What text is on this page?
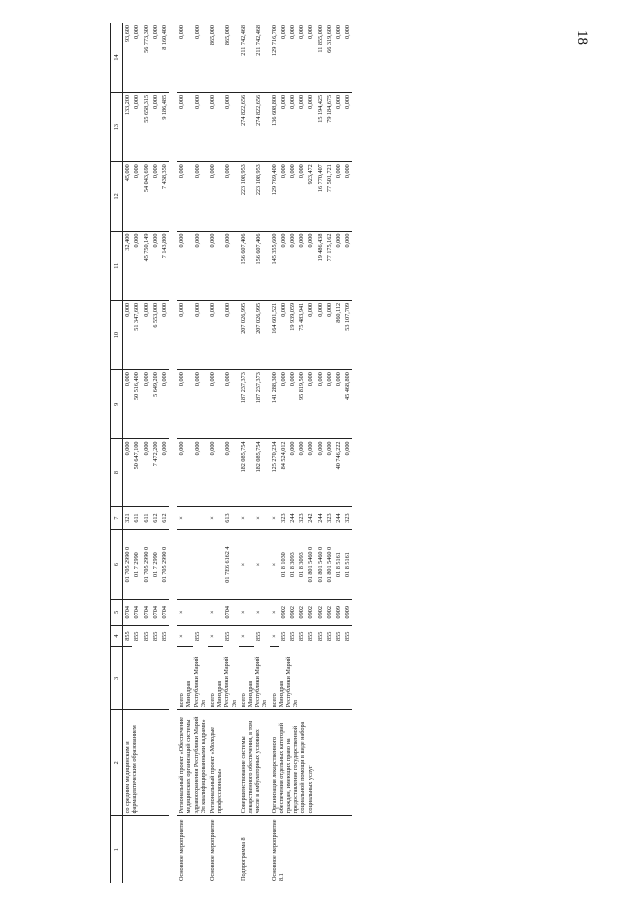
18
1	2	3	4	5	6	7	8	9	10	11	12	13	14

	со средним медицинским и фармацевтическим образованием		855	0704	01 705 2990 0	321	0,000	0,000	0,000	32,400	45,000	133,200	93,600
			855	0704	01 7 2990	611	50 647,100	50 516,400	51 347,600	0,000	0,000	0,000	0,000
			855	0704	01 705 2990 0	611	0,000	0,000	0,000	45 750,149	54 043,690	55 658,315	56 773,300
			855	0704	01 7 2990	612	7 472,200	5 649,200	6 553,000	0,000	0,000	0,000	0,000
			855	0704	01 705 2990 0	612	0,000	0,000	0,000	7 143,800	7 438,350	9 186,485	8 160,400

Основное мероприятие	Региональный проект «Обеспечение медицинских организаций системы здравоохранения Республики Марий Эл квалифицированными кадрами»	всего Минздрав Республики Марий Эл	×	×		×	0,000	0,000	0,000	0,000	0,000	0,000	0,000
			855				0,000	0,000	0,000	0,000	0,000	0,000	0,000

Основное мероприятие	Региональный проект «Молодые профессионалы»	всего Минздрав Республики Марий Эл	×	×		×	0,000	0,000	0,000	0,000	0,000	0,000	865,000
			855	0704	01 7Е6 6162 4	613	0,000	0,000	0,000	0,000	0,000	0,000	865,000

Подпрограмма 8	Совершенствование системы лекарственного обеспечения, в том числе в амбулаторных условиях	всего Минздрав Республики Марий Эл	×	×	×	×	182 085,754	187 237,373	207 026,995	156 607,406	223 108,953	274 822,656	211 742,468
			855	×	×	×	182 085,754	187 237,373	207 026,995	156 607,406	223 108,953	274 822,656	211 742,468

Основное мероприятие 8.1	Организация лекарственного обеспечения отдельных категорий граждан, имеющих право на предоставление государственной социальной помощи в виде набора социальных услуг	всего Минздрав Республики Марий Эл	×	×	×	×	125 270,234	141 288,300	164 601,521	145 355,600	129 769,400	136 608,800	129 716,700
			855	0902	01 8 1030	323	84 524,012	0,000	0,000	0,000	0,000	0,000	0,000
			855	0902	01 8 3093	244	0,000	0,000	19 939,059	0,000	0,000	0,000	0,000
			855	0902	01 8 3093	323	0,000	95 819,500	75 483,941	0,000	0,000	0,000	0,000
			855	0902	01 801 5460 0	242	0,000	0,000	0,000	0,000	923,472	0,000	0,000
			855	0902	01 801 5460 0	244	0,000	0,000	0,000	19 486,438	16 770,407	15 194,425	11 855,000
			855	0902	01 801 5460 0	323	0,000	0,000	0,000	77 175,162	77 501,721	79 184,675	66 319,600
			855	0909	01 8 5161	244	40 746,222	0,000	860,112	0,000	0,000	0,000	0,000
			855	0909	01 8 5161	323	0,000	45 468,800	53 107,709	0,000	0,000	0,000	0,000
